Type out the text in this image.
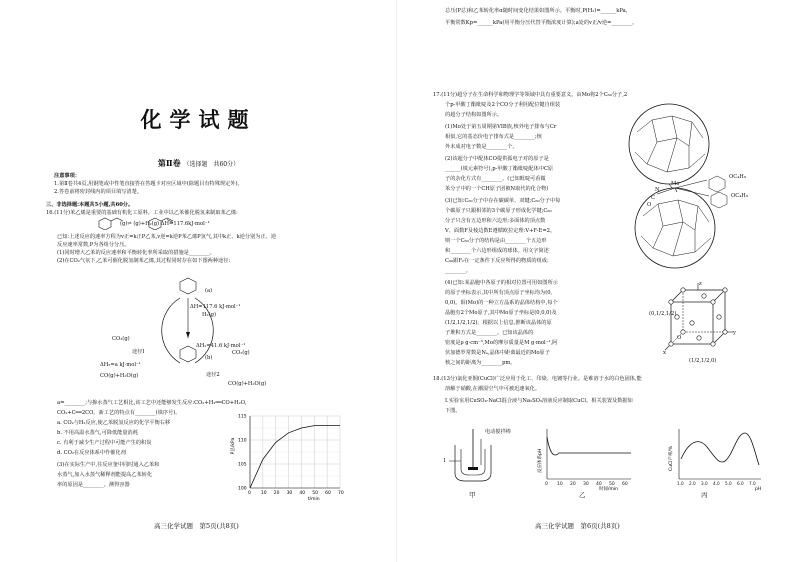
化学试题
第Ⅱ卷 （选择题　共60分）
注意事项：
1.第Ⅱ卷共4页,用钢笔或中性笔直接答在答题卡对应区域中(除题目有特殊规定外)。
2.答卷前将密封线内的项目填写清楚。
三、非选择题:本题共5小题,共60分。
16.(11分)苯乙烯是重要的基础有机化工原料。工业中以乙苯催化脱氢来制取苯乙烯:
(g)⇌ (g)+H₂(g) ΔH=117.6kJ·mol⁻¹
已知:上述反应的速率方程为v正=k正P乙苯,v逆=k逆P苯乙烯P氢气,其中k正、k逆分别为正、逆
反应速率常数,P为各组分分压。
(1)同时增大乙苯的反应速率和平衡转化率所采取的措施是________。
(2)在CO₂气氛下,乙苯可催化脱氢制苯乙烯,其过程同时存在如下图两种途径:
ΔH=117.6 kJ·mol⁻¹
ΔH₂=41.6 kJ·mol⁻¹
ΔH₃=a kJ·mol⁻¹
途径Ⅰ
途径2
CO₂(g)
CO(g)+H₂O(g)
CO₂(g)
CO(g)+H₂O(g)
H₂(g)
(a)
(b)
a=________;与掺水蒸气工艺相比,该工艺中还能够发生反应:CO₂+H₂══CO+H₂O,
CO₂+C══2CO。新工艺的特点有________(填序号)。
a. CO₂与H₂反应,使乙苯脱氢反应的化学平衡右移
b. 不用高温水蒸气,可降低能量消耗
c. 有利于减少生产过程中可能产生的积炭
d. CO₂在反应体系中作催化剂
(3)在实际生产中,往反应釜中同时通入乙苯和
水蒸气,加入水蒸气稀释剂能提高乙苯转化
率的原因是________。测得容器
0 10 20 30 40 50 60 70
100
105
110
115
t/min
P总/kPa
高三化学试题　第5页(共8页)
总压(P总)和乙苯转化率α随时间变化结果如图所示。平衡时,P(H₂)=______kPa,
平衡常数Kp=______kPa(用平衡分压代替平衡浓度计算);a处的v正/v逆=________。
17.(11分)超分子在生命科学和物理学等领域中具有重要意义。由Mo将2个C₆₀分子,2
个p-甲酸丁酯吡啶及2个CO分子利用配位键自组装
的超分子结构如图所示。
(1)Mo处于第五周期第VIB族,核外电子排布与Cr
相似,它的基态价电子排布式是________;核
外未成对电子数是________个。
(2)该超分子中配体CO提供孤电子对的原子是
______(填元素符号),p-甲酸丁酯吡啶配体中C原
子的杂化方式有________。(已知吡啶可看做
苯分子中的一个CH原子团被N取代的化合物)
(3)已知:C₆₀分子中存在碳碳单、双键;C₆₀分子中每
个碳原子只跟相邻的3个碳原子形成化学键;C₆₀
分子只含有五边形和六边形;多面体的顶点数
V、面数F及棱边数E遵循欧拉定理:V+F-E=2。
则一个C₆₀分子的结构是由________个五边形
和________个六边形组成的球体。用文字简述
C₆₀跟F₂在一定条件下反应所得的物质的组成:
________。
(4)已知:某晶胞中各原子的相对位置可用如图所示
的原子坐标表示,其中所有顶点原子坐标均为(0,
0,0)。钼(Mo)的一种立方晶系的晶体结构中,每个
晶胞有2个Mo原子,其中Mo原子坐标是(0,0,0)及
(1/2,1/2,1/2)。根据以上信息,推断该晶体的原
子堆积方式是________。已知该晶体的
密度是ρ g·cm⁻³,Mo的摩尔质量是M g·mol⁻¹,阿
伏加德罗常数是Nₐ,晶体中距离最近的Mo原子
核之间的距离为________pm。
Mo
N
C
O
OC₄H₉
OC₄H₉
(0,1/2,1/2)
(1/2,1/2,0)
z
y
x
O
18.(13分)氯化亚铜(CuCl)广泛应用于化工、印染、电镀等行业。是难溶于水的白色固体,能
溶解于硝酸,在潮湿空气中可被迅速氧化。
Ⅰ.实验室用CuSO₄-NaCl混合液与Na₂SO₃溶液反应制取CuCl。相关装置及数据如
下图。
电动搅拌棒
1
甲
0 10 20 30 40 50 60
时间/min
反应体系pH
乙
1.0 2.0 3.0 4.0 5.0 6.0 7.0
pH
CuCl产率/%
丙
高三化学试题　第6页(共8页)
